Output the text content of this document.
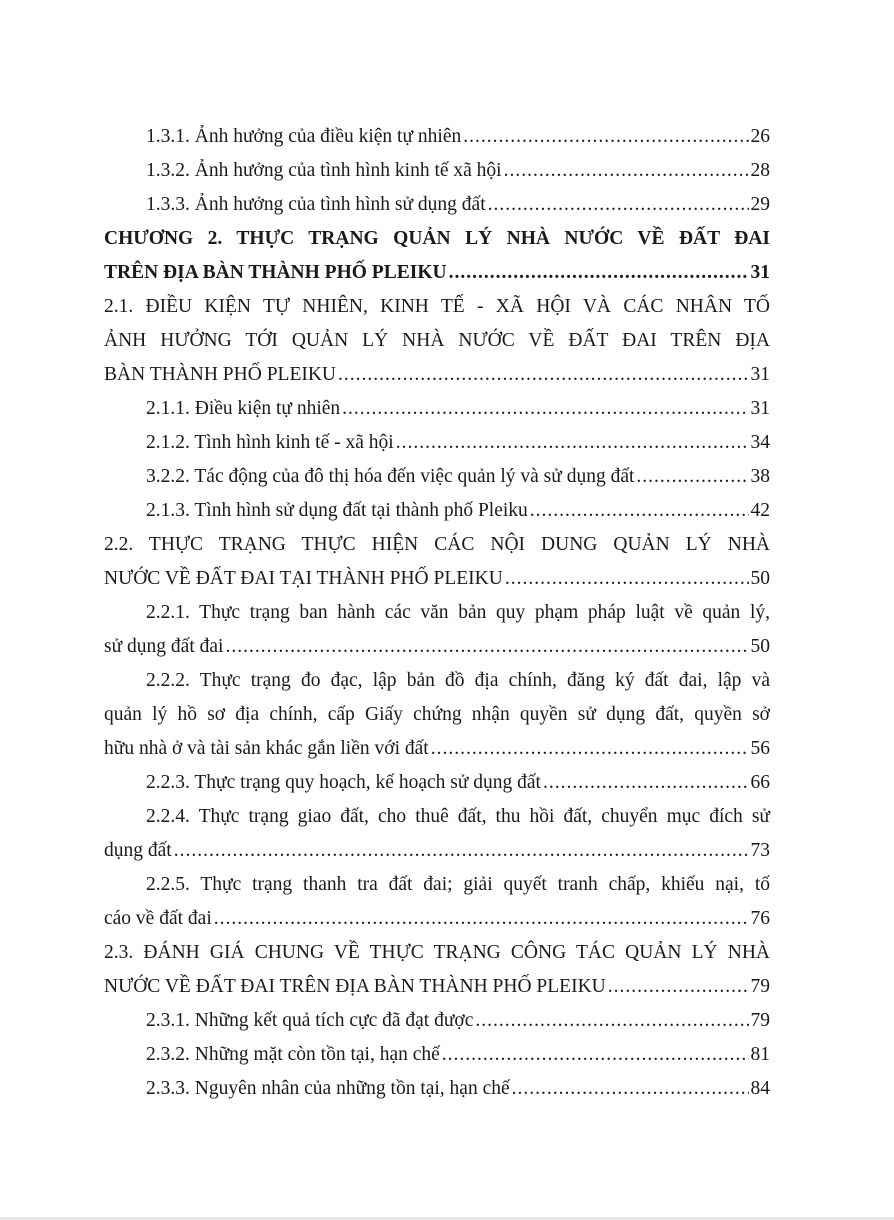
1.3.1. Ảnh hưởng của điều kiện tự nhiên .....	26
1.3.2. Ảnh hưởng của tình hình kinh tế xã hội .....	28
1.3.3. Ảnh hưởng của tình hình sử dụng đất .....	29
CHƯƠNG 2. THỰC TRẠNG QUẢN LÝ NHÀ NƯỚC VỀ ĐẤT ĐAI
TRÊN ĐỊA BÀN THÀNH PHỐ PLEIKU .....	31
2.1. ĐIỀU KIỆN TỰ NHIÊN, KINH TẾ - XÃ HỘI VÀ CÁC NHÂN TỐ
ẢNH HƯỞNG TỚI QUẢN LÝ NHÀ NƯỚC VỀ ĐẤT ĐAI TRÊN ĐỊA
BÀN THÀNH PHỐ PLEIKU .....	31
2.1.1. Điều kiện tự nhiên .....	31
2.1.2. Tình hình kinh tế - xã hội .....	34
3.2.2. Tác động của đô thị hóa đến việc quản lý và sử dụng đất .....	38
2.1.3. Tình hình sử dụng đất tại thành phố Pleiku .....	42
2.2. THỰC TRẠNG THỰC HIỆN CÁC NỘI DUNG QUẢN LÝ NHÀ
NƯỚC VỀ ĐẤT ĐAI TẠI THÀNH PHỐ PLEIKU .....	50
2.2.1. Thực trạng ban hành các văn bản quy phạm pháp luật về quản lý,
sử dụng đất đai .....	50
2.2.2. Thực trạng đo đạc, lập bản đồ địa chính, đăng ký đất đai, lập và
quản lý hồ sơ địa chính, cấp Giấy chứng nhận quyền sử dụng đất, quyền sở
hữu nhà ở và tài sản khác gắn liền với đất .....	56
2.2.3. Thực trạng quy hoạch, kế hoạch sử dụng đất .....	66
2.2.4. Thực trạng giao đất, cho thuê đất, thu hồi đất, chuyển mục đích sử
dụng đất .....	73
2.2.5. Thực trạng thanh tra đất đai; giải quyết tranh chấp, khiếu nại, tố
cáo về đất đai .....	76
2.3. ĐÁNH GIÁ CHUNG VỀ THỰC TRẠNG CÔNG TÁC QUẢN LÝ NHÀ
NƯỚC VỀ ĐẤT ĐAI TRÊN ĐỊA BÀN THÀNH PHỐ PLEIKU .....	79
2.3.1. Những kết quả tích cực đã đạt được .....	79
2.3.2. Những mặt còn tồn tại, hạn chế .....	81
2.3.3. Nguyên nhân của những tồn tại, hạn chế .....	84
